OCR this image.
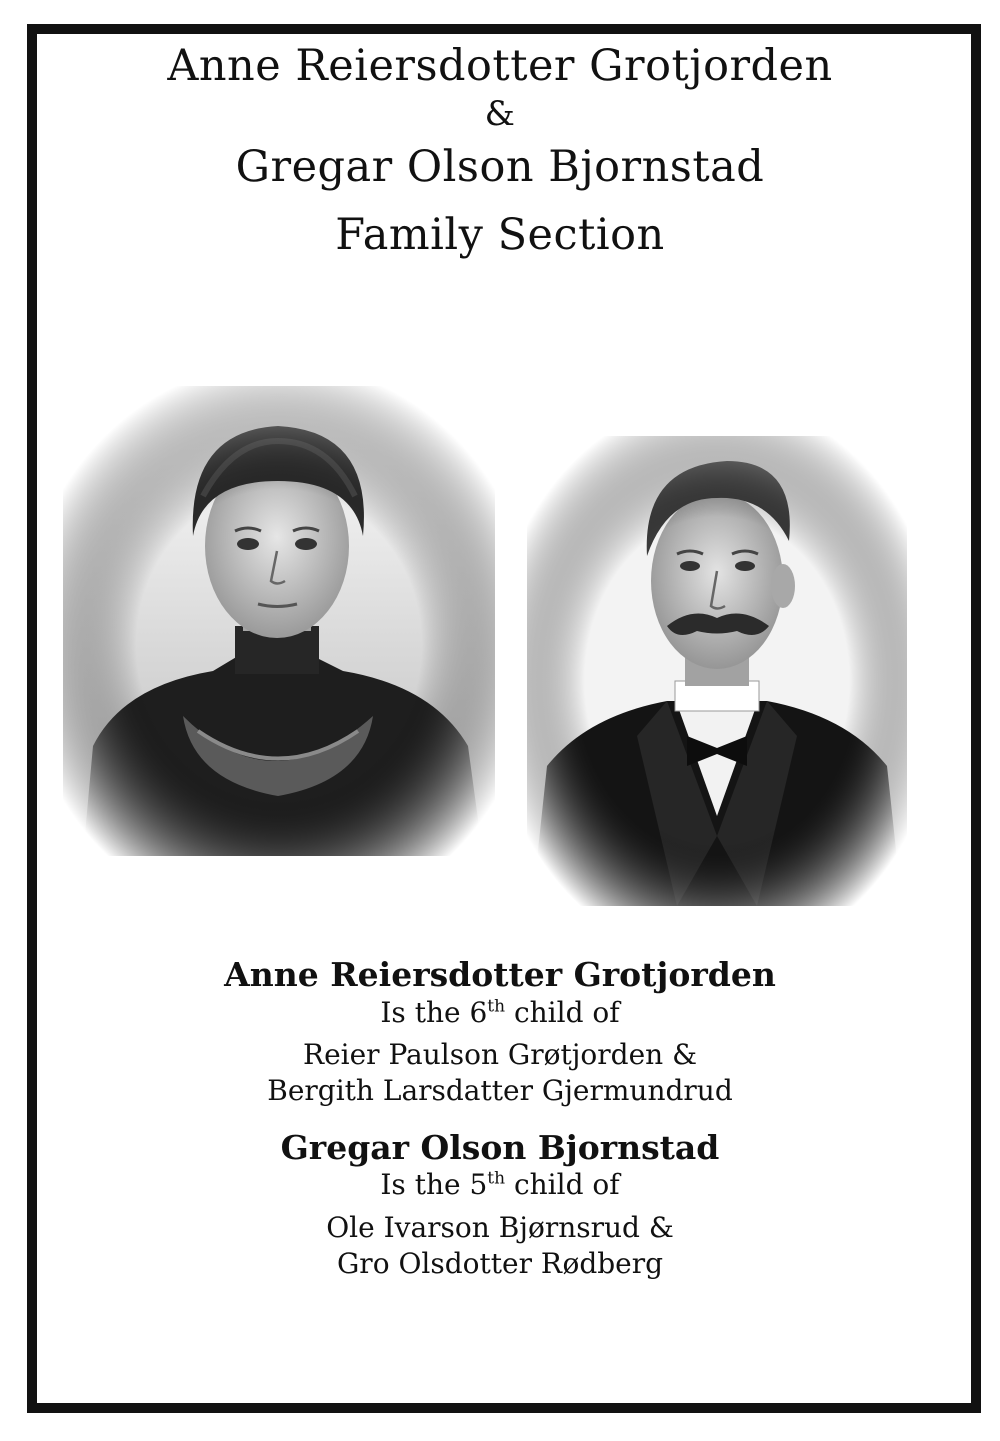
Anne Reiersdotter Grotjorden

&

Gregar Olson Bjornstad

Family Section

Anne Reiersdotter Grotjorden

Is the 6th child of

Reier Paulson Grøtjorden &

Bergith Larsdatter Gjermundrud

Gregar Olson Bjornstad

Is the 5th child of

Ole Ivarson Bjørnsrud &

Gro Olsdotter Rødberg
